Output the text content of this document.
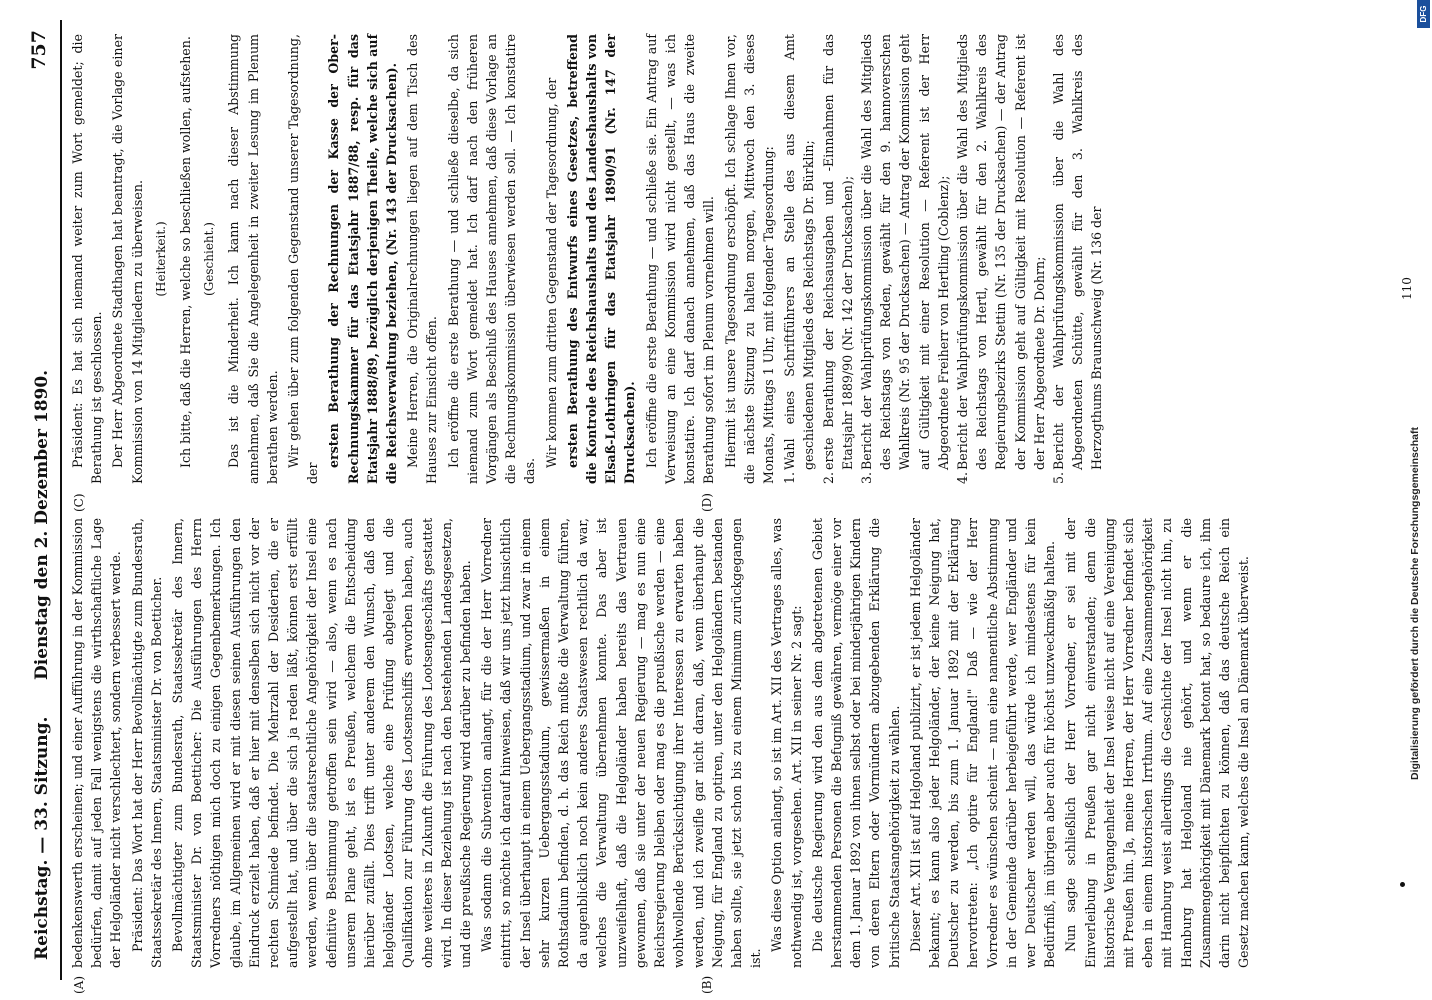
Reichstag. — 33. Sitzung.
Dienstag den 2. Dezember 1890.
757
(A)	(B)
(C)	(D)

bedenkenswerth erscheinen; und einer Aufführung in der Kommission bedürfen, damit auf jeden Fall wenigstens die wirthschaftliche Lage der Helgoländer nicht verschlechtert, sondern verbessert werde. Präsident: Das Wort hat der Herr Bevollmächtigte zum Bundesrath, Staatssekretär des Innern, Staatsminister Dr. von Boetticher. Bevollmächtigter zum Bundesrath, Staatssekretär des Innern, Staatsminister Dr. von Boetticher: Die Ausführungen des Herrn Vorredners nöthigen mich doch zu einigen Gegenbemerkungen. Ich glaube, im Allgemeinen wird er mit diesen seinen Ausführungen den Eindruck erzielt haben, daß er hier mit denselben sich nicht vor der rechten Schmiede befindet. Die Mehrzahl der Desiderien, die er aufgestellt hat, und über die sich ja reden läßt, können erst erfüllt werden, wenn über die staatsrechtliche Angehörigkeit der Insel eine definitive Bestimmung getroffen sein wird — also, wenn es nach unserem Plane geht, ist es Preußen, welchem die Entscheidung hierüber zufällt. Dies trifft unter anderem den Wunsch, daß den helgoländer Lootsen, welche eine Prüfung abgelegt und die Qualifikation zur Führung des Lootsenschiffs erworben haben, auch ohne weiteres in Zukunft die Führung des Lootsengeschäfts gestattet wird. In dieser Beziehung ist nach den bestehenden Landesgesetzen, und die preußische Regierung wird darüber zu befinden haben. Was sodann die Subvention anlangt, für die der Herr Vorredner eintritt, so möchte ich darauf hinweisen, daß wir uns jetzt hinsichtlich der Insel überhaupt in einem Uebergangsstadium, und zwar in einem sehr kurzen Uebergangsstadium, gewissermaßen in einem Rothstadium befinden, d. h. das Reich mußte die Verwaltung führen, da augenblicklich noch kein anderes Staatswesen rechtlich da war, welches die Verwaltung übernehmen konnte. Das aber ist unzweifelhaft, daß die Helgoländer haben bereits das Vertrauen gewonnen, daß sie unter der neuen Regierung — mag es nun eine Reichsregierung bleiben oder mag es die preußische werden — eine wohlwollende Berücksichtigung ihrer Interessen zu erwarten haben werden, und ich zweifle gar nicht daran, daß, wenn überhaupt die Neigung, für England zu optiren, unter den Helgoländern bestanden haben sollte, sie jetzt schon bis zu einem Minimum zurückgegangen ist.

Was diese Option anlangt, so ist im Art. XII des Vertrages alles, was nothwendig ist, vorgesehen. Art. XII in seiner Nr. 2 sagt: Die deutsche Regierung wird den aus dem abgetretenen Gebiet herstammenden Personen die Befugniß gewähren, vermöge einer vor dem 1. Januar 1892 von ihnen selbst oder bei minderjährigen Kindern von deren Eltern oder Vormündern abzugebenden Erklärung die britische Staatsangehörigkeit zu wählen. Dieser Art. XII ist auf Helgoland publizirt, er ist jedem Helgoländer bekannt; es kann also jeder Helgoländer, der keine Neigung hat, Deutscher zu werden, bis zum 1. Januar 1892 mit der Erklärung hervortreten: „Ich optire für England!" Daß — wie der Herr Vorredner es wünschen scheint — nun eine namentliche Abstimmung in der Gemeinde darüber herbeigeführt werde, wer Engländer und wer Deutscher werden will, das würde ich mindestens für kein Bedürfniß, im übrigen aber auch für höchst unzweckmäßig halten. Nun sagte schließlich der Herr Vorredner, er sei mit der Einverleibung in Preußen gar nicht einverstanden; denn die historische Vergangenheit der Insel weise nicht auf eine Vereinigung mit Preußen hin. Ja, meine Herren, der Herr Vorredner befindet sich eben in einem historischen Irrthum. Auf eine Zusammengehörigkeit mit Hamburg weist allerdings die Geschichte der Insel nicht hin, zu Hamburg hat Helgoland nie gehört, und wenn er die Zusammengehörigkeit mit Dänemark betont hat, so bedaure ich, ihm darin nicht beipflichten zu können, daß das deutsche Reich ein Gesetz machen kann, welches die Insel an Dänemark überweist.

Präsident: Es hat sich niemand weiter zum Wort gemeldet; die Berathung ist geschlossen. Der Herr Abgeordnete Stadthagen hat beantragt, die Vorlage einer Kommission von 14 Mitgliedern zu überweisen. (Heiterkeit.) Ich bitte, daß die Herren, welche so beschließen wollen, aufstehen. (Geschieht.) Das ist die Minderheit. Ich kann nach dieser Abstimmung annehmen, daß Sie die Angelegenheit in zweiter Lesung im Plenum berathen werden. Wir gehen über zum folgenden Gegenstand unserer Tagesordnung, der

ersten Berathung der Rechnungen der Kasse der Ober-Rechnungskammer für das Etatsjahr 1887/88, resp. für das Etatsjahr 1888/89, bezüglich derjenigen Theile, welche sich auf die Reichsverwaltung beziehen, (Nr. 143 der Drucksachen). Meine Herren, die Originalrechnungen liegen auf dem Tisch des Hauses zur Einsicht offen. Ich eröffne die erste Berathung — und schließe dieselbe, da sich niemand zum Wort gemeldet hat. Ich darf nach den früheren Vorgängen als Beschluß des Hauses annehmen, daß diese Vorlage an die Rechnungskommission überwiesen werden soll. — Ich konstatire das.

Wir kommen zum dritten Gegenstand der Tagesordnung, der ersten Berathung des Entwurfs eines Gesetzes, betreffend die Kontrole des Reichshaushalts und des Landeshaushalts von Elsaß-Lothringen für das Etatsjahr 1890/91 (Nr. 147 der Drucksachen). Ich eröffne die erste Berathung — und schließe sie. Ein Antrag auf Verweisung an eine Kommission wird nicht gestellt, — was ich konstatire. Ich darf danach annehmen, daß das Haus die zweite Berathung sofort im Plenum vornehmen will. Hiermit ist unsere Tagesordnung erschöpft. Ich schlage Ihnen vor, die nächste Sitzung zu halten morgen, Mittwoch den 3. dieses Monats, Mittags 1 Uhr, mit folgender Tagesordnung: 1.Wahl eines Schriftführers an Stelle des aus diesem Amt geschiedenen Mitglieds des Reichstags Dr. Bürklin;

2.erste Berathung der Reichsausgaben und -Einnahmen für das Etatsjahr 1889/90 (Nr. 142 der Drucksachen);

3.Bericht der Wahlprüfungskommission über die Wahl des Mitglieds des Reichstags von Reden, gewählt für den 9. hannoverschen Wahlkreis (Nr. 95 der Drucksachen) — Antrag der Kommission geht auf Gültigkeit mit einer Resolution — Referent ist der Herr Abgeordnete Freiherr von Hertling (Coblenz);

4.Bericht der Wahlprüfungskommission über die Wahl des Mitglieds des Reichstags von Hertl, gewählt für den 2. Wahlkreis des Regierungsbezirks Stettin (Nr. 135 der Drucksachen) — der Antrag der Kommission geht auf Gültigkeit mit Resolution — Referent ist der Herr Abgeordnete Dr. Dohrn;

5.Bericht der Wahlprüfungskommission über die Wahl des Abgeordneten Schütte, gewählt für den 3. Wahlkreis des Herzogthums Braunschweig (Nr. 136 der	110
DFG
Digitalisierung gefördert durch die Deutsche Forschungsgemeinschaft
